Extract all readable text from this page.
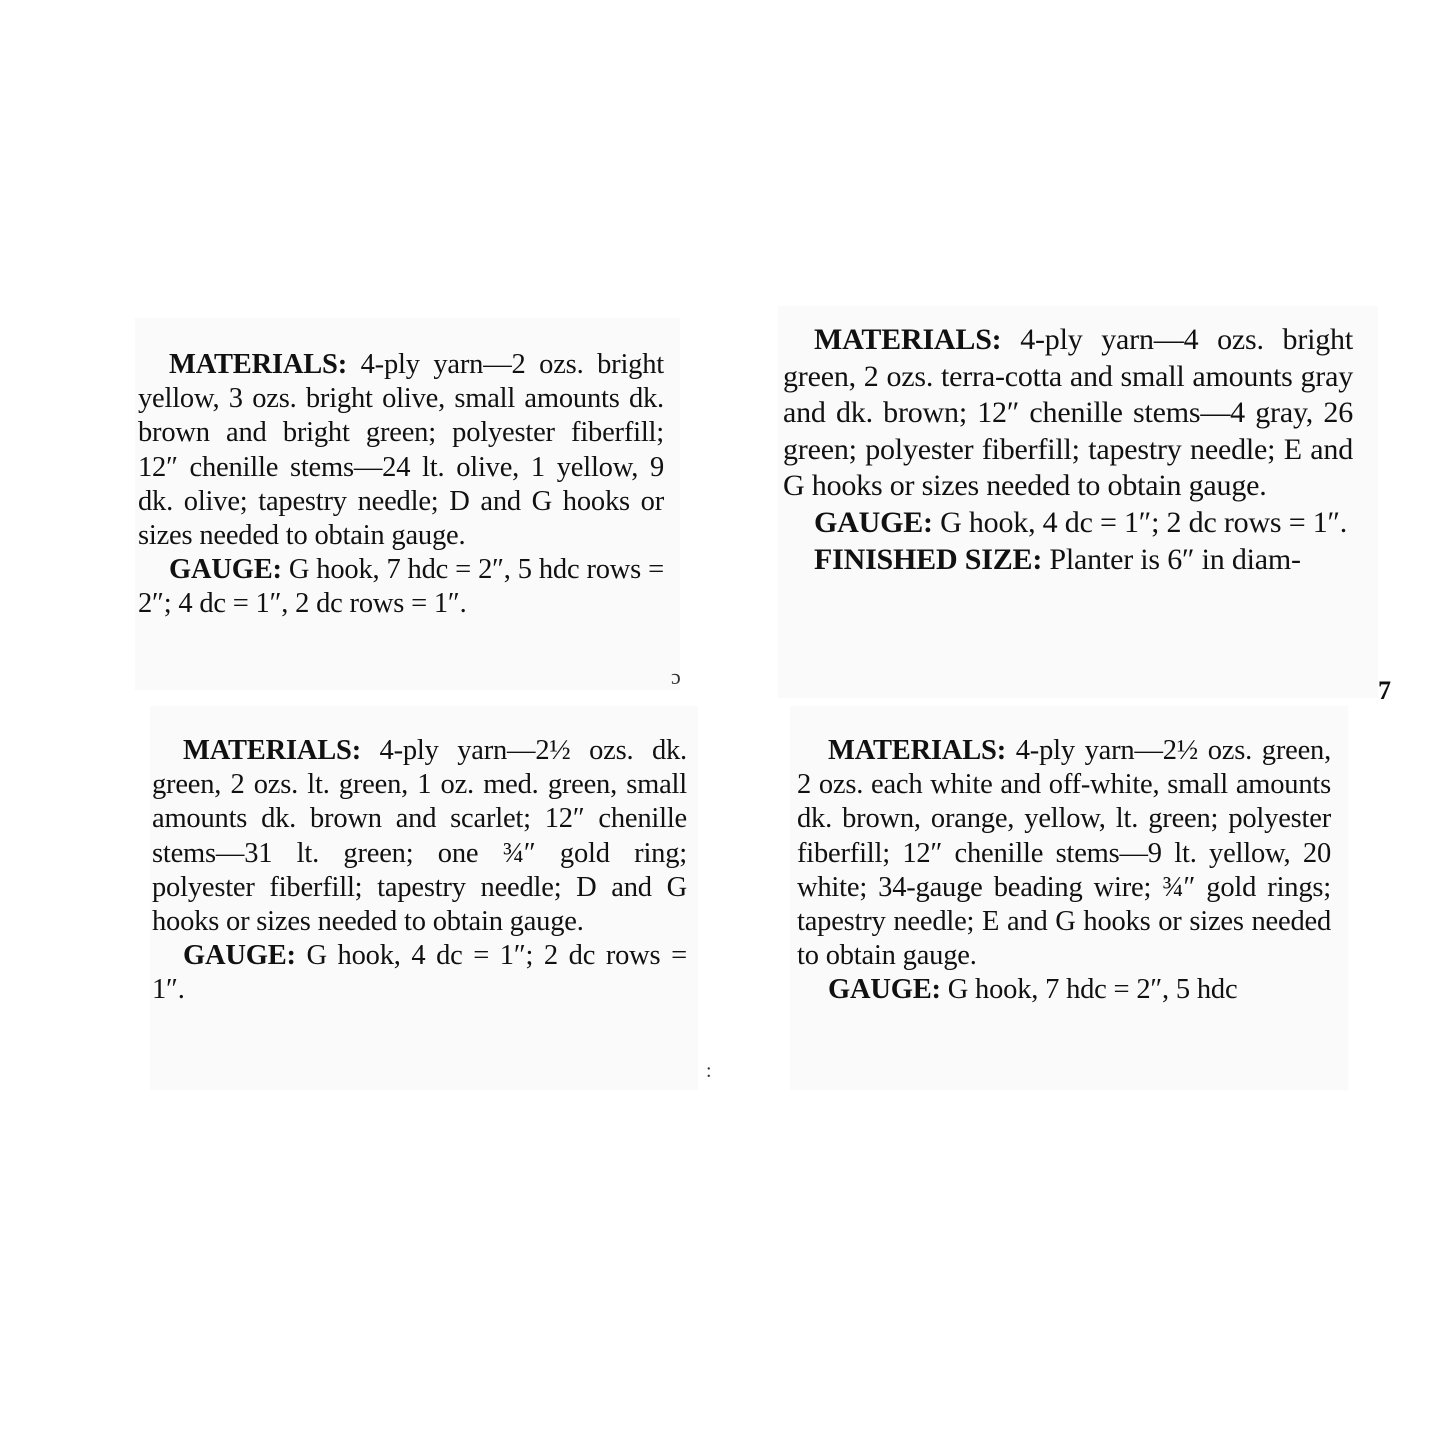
MATERIALS: 4-ply yarn—2 ozs. bright yellow, 3 ozs. bright olive, small amounts dk. brown and bright green; polyester fiberfill; 12″ chenille stems—24 lt. olive, 1 yellow, 9 dk. olive; tapestry needle; D and G hooks or sizes needed to obtain gauge.

GAUGE: G hook, 7 hdc = 2″, 5 hdc rows = 2″; 4 dc = 1″, 2 dc rows = 1″.

MATERIALS: 4-ply yarn—4 ozs. bright green, 2 ozs. terra-cotta and small amounts gray and dk. brown; 12″ chenille stems—4 gray, 26 green; polyester fiberfill; tapestry needle; E and G hooks or sizes needed to obtain gauge.

GAUGE: G hook, 4 dc = 1″; 2 dc rows = 1″.

FINISHED SIZE: Planter is 6″ in diam-

MATERIALS: 4-ply yarn—2½ ozs. dk. green, 2 ozs. lt. green, 1 oz. med. green, small amounts dk. brown and scarlet; 12″ chenille stems—31 lt. green; one ¾″ gold ring; polyester fiberfill; tapestry needle; D and G hooks or sizes needed to obtain gauge.

GAUGE: G hook, 4 dc = 1″; 2 dc rows = 1″.

MATERIALS: 4-ply yarn—2½ ozs. green, 2 ozs. each white and off-white, small amounts dk. brown, orange, yellow, lt. green; polyester fiberfill; 12″ chenille stems—9 lt. yellow, 20 white; 34-gauge beading wire; ¾″ gold rings; tapestry needle; E and G hooks or sizes needed to obtain gauge.

GAUGE: G hook, 7 hdc = 2″, 5 hdc

7
ɔ
:
